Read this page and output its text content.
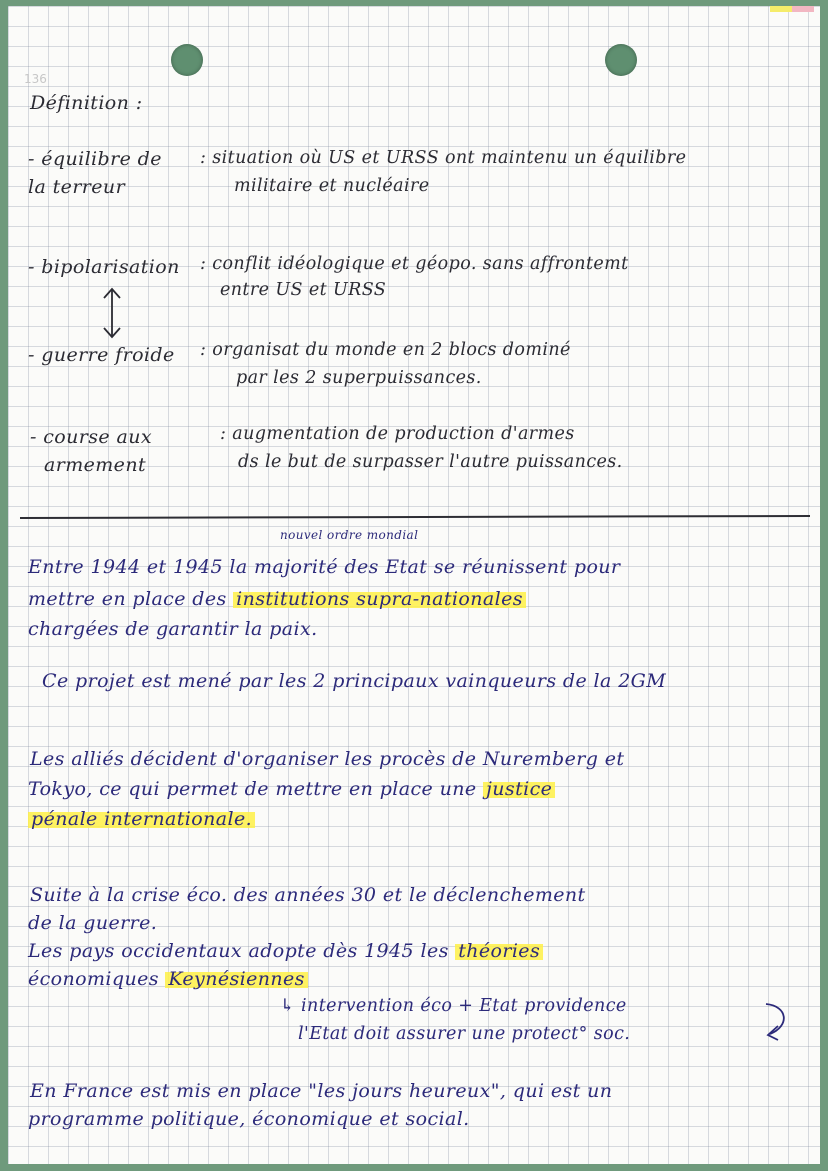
136
Définition :
- équilibre de
la terreur
: situation où US et URSS ont maintenu un équilibre
militaire et nucléaire
- bipolarisation : conflit idéologique et géopo. sans affrontemt
entre US et URSS
- guerre froide : organisat du monde en 2 blocs dominé
par les 2 superpuissances.
- course aux
armement
: augmentation de production d'armes
ds le but de surpasser l'autre puissances.
nouvel ordre mondial
Entre 1944 et 1945 la majorité des Etat se réunissent pour
mettre en place des institutions supra-nationales
chargées de garantir la paix.
Ce projet est mené par les 2 principaux vainqueurs de la 2GM
Les alliés décident d'organiser les procès de Nuremberg et
Tokyo, ce qui permet de mettre en place une justice
pénale internationale.
Suite à la crise éco. des années 30 et le déclenchement
de la guerre.
Les pays occidentaux adopte dès 1945 les théories
économiques Keynésiennes
↳ intervention éco + Etat providence
l'Etat doit assurer une protect° soc.
En France est mis en place "les jours heureux", qui est un
programme politique, économique et social.
